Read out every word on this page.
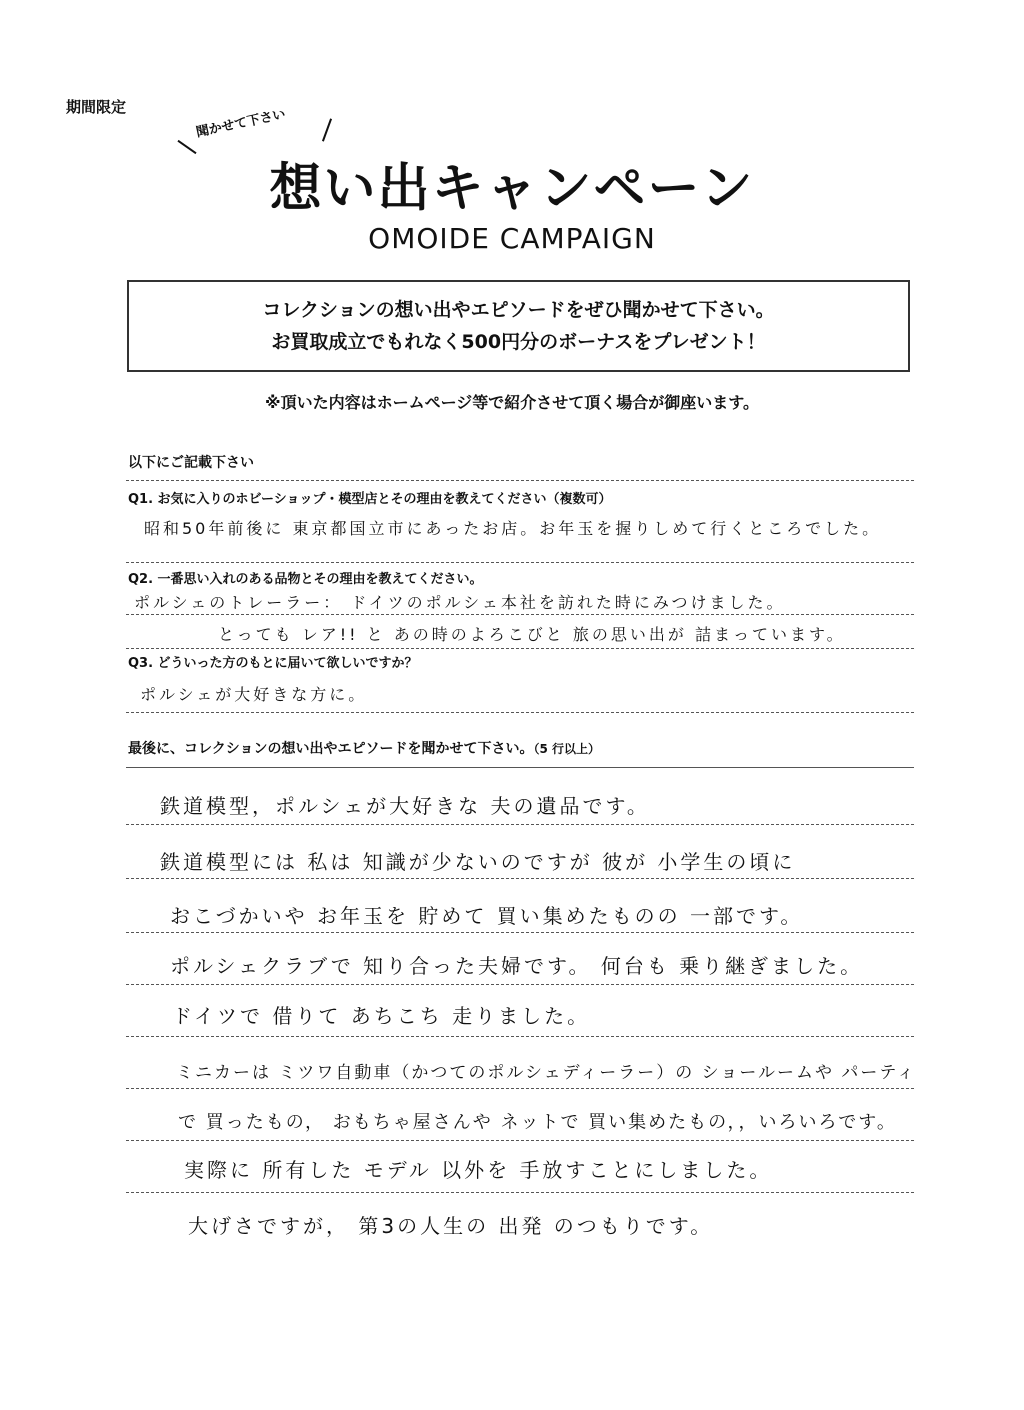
期間限定	聞かせて下さい
想い出キャンペーン
OMOIDE CAMPAIGN
コレクションの想い出やエピソードをぜひ聞かせて下さい。
お買取成立でもれなく500円分のボーナスをプレゼント！
※頂いた内容はホームページ等で紹介させて頂く場合が御座います。
以下にご記載下さい
Q1. お気に入りのホビーショップ・模型店とその理由を教えてください（複数可）
昭和50年前後に 東京都国立市にあったお店。お年玉を握りしめて行くところでした。
Q2. 一番思い入れのある品物とその理由を教えてください。
ポルシェのトレーラー： ドイツのポルシェ本社を訪れた時にみつけました。
とっても レア!! と あの時のよろこびと 旅の思い出が 詰まっています。
Q3. どういった方のもとに届いて欲しいですか？
ポルシェが大好きな方に。
最後に、コレクションの想い出やエピソードを聞かせて下さい。（5 行以上）
鉄道模型，ポルシェが大好きな 夫の遺品です。
鉄道模型には 私は 知識が少ないのですが 彼が 小学生の頃に
おこづかいや お年玉を 貯めて 買い集めたものの 一部です。
ポルシェクラブで 知り合った夫婦です。 何台も 乗り継ぎました。
ドイツで 借りて あちこち 走りました。
ミニカーは ミツワ自動車（かつてのポルシェディーラー）の ショールームや パーティ
で 買ったもの， おもちゃ屋さんや ネットで 買い集めたもの，，いろいろです。
実際に 所有した モデル 以外を 手放すことにしました。
大げさですが， 第3の人生の 出発 のつもりです。
